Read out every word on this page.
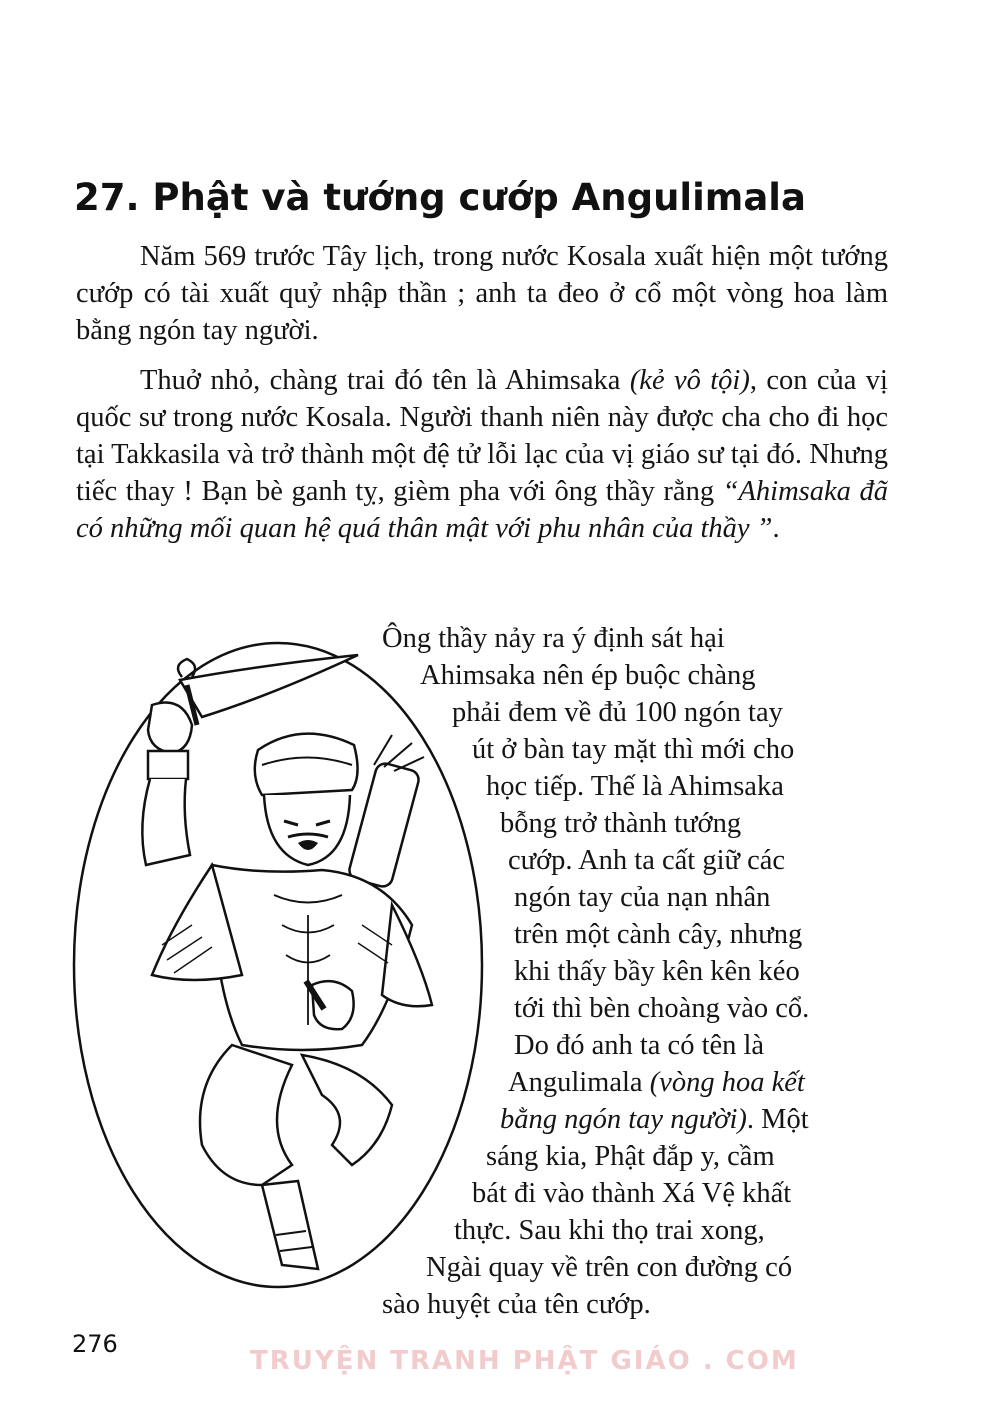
27. Phật và tướng cướp Angulimala

Năm 569 trước Tây lịch, trong nước Kosala xuất hiện một tướng cướp có tài xuất quỷ nhập thần ; anh ta đeo ở cổ một vòng hoa làm bằng ngón tay người.

Thuở nhỏ, chàng trai đó tên là Ahimsaka (kẻ vô tội), con của vị quốc sư trong nước Kosala. Người thanh niên này được cha cho đi học tại Takkasila và trở thành một đệ tử lỗi lạc của vị giáo sư tại đó. Nhưng tiếc thay ! Bạn bè ganh tỵ, gièm pha với ông thầy rằng “Ahimsaka đã có những mối quan hệ quá thân mật với phu nhân của thầy ”.

Ông thầy nảy ra ý định sát hại
Ahimsaka nên ép buộc chàng
phải đem về đủ 100 ngón tay
út ở bàn tay mặt thì mới cho
học tiếp. Thế là Ahimsaka
bỗng trở thành tướng
cướp. Anh ta cất giữ các
ngón tay của nạn nhân
trên một cành cây, nhưng
khi thấy bầy kên kên kéo
tới thì bèn choàng vào cổ.
Do đó anh ta có tên là
Angulimala (vòng hoa kết
bằng ngón tay người). Một
sáng kia, Phật đắp y, cầm
bát đi vào thành Xá Vệ khất
thực. Sau khi thọ trai xong,
Ngài quay về trên con đường có
sào huyệt của tên cướp.
276
TRUYỆN TRANH PHẬT GIÁO . COM
